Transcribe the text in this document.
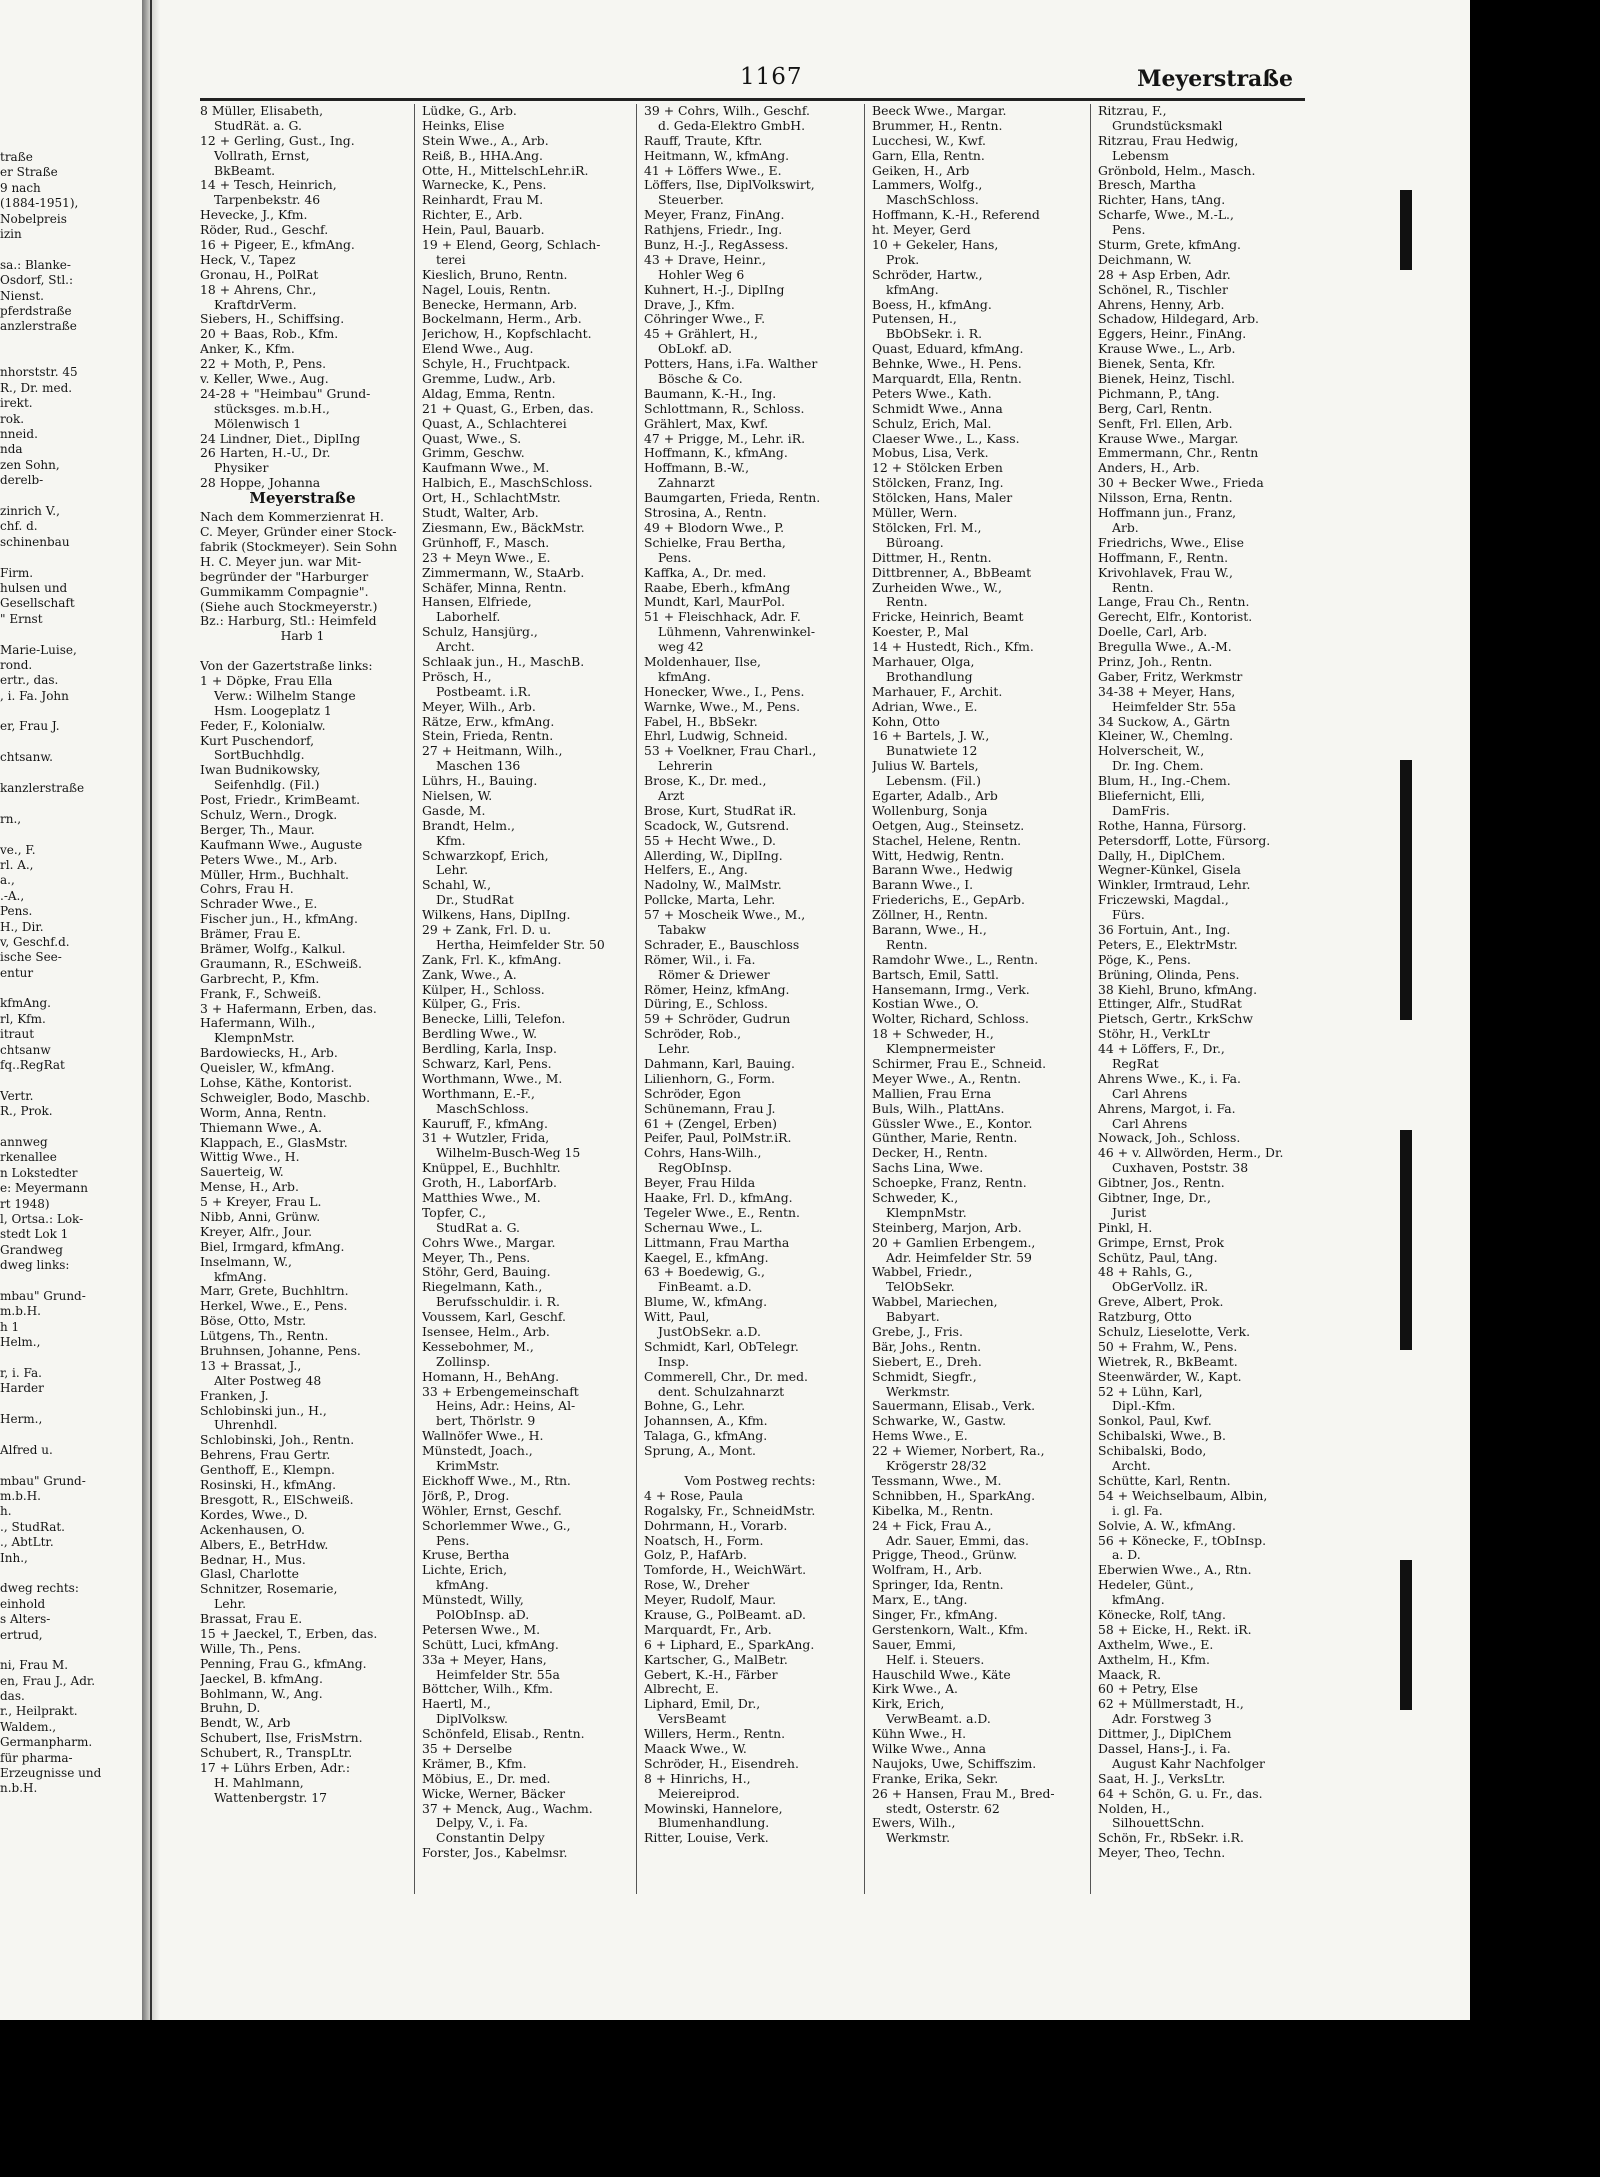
traße
er Straße
9 nach
(1884-1951),
Nobelpreis
izin
sa.: Blanke-
Osdorf, Stl.:
Nienst.
pferdstraße
anzlerstraße
nhorststr. 45
R., Dr. med.
irekt.
rok.
nneid.
nda
zen Sohn,
derelb-
zinrich V.,
chf. d.
schinenbau
Firm.
hulsen und
Gesellschaft
" Ernst
Marie-Luise,
rond.
ertr., das.
, i. Fa. John
er, Frau J.
chtsanw.
kanzlerstraße
rn.,
ve., F.
rl. A.,
a.,
.-A.,
Pens.
H., Dir.
v, Geschf.d.
ische See-
entur
kfmAng.
rl, Kfm.
itraut
chtsanw
fq..RegRat
Vertr.
R., Prok.
annweg
rkenallee
n Lokstedter
e: Meyermann
rt 1948)
l, Ortsa.: Lok-
stedt Lok 1
Grandweg
dweg links:
mbau" Grund-
m.b.H.
h 1
Helm.,
r, i. Fa.
Harder
Herm.,
Alfred u.
mbau" Grund-
m.b.H.
h.
., StudRat.
., AbtLtr.
Inh.,
dweg rechts:
einhold
s Alters-
ertrud,
ni, Frau M.
en, Frau J., Adr.
das.
r., Heilprakt.
Waldem.,
Germanpharm.
für pharma-
Erzeugnisse und
n.b.H.
1167	Meyerstraße
8 Müller, Elisabeth,
StudRät. a. G.
12 + Gerling, Gust., Ing.
Vollrath, Ernst,
BkBeamt.
14 + Tesch, Heinrich,
Tarpenbekstr. 46
Hevecke, J., Kfm.
Röder, Rud., Geschf.
16 + Pigeer, E., kfmAng.
Heck, V., Tapez
Gronau, H., PolRat
18 + Ahrens, Chr.,
KraftdrVerm.
Siebers, H., Schiffsing.
20 + Baas, Rob., Kfm.
Anker, K., Kfm.
22 + Moth, P., Pens.
v. Keller, Wwe., Aug.
24-28 + "Heimbau" Grund-
stücksges. m.b.H.,
Mölenwisch 1
24 Lindner, Diet., DiplIng
26 Harten, H.-U., Dr.
Physiker
28 Hoppe, Johanna
Meyerstraße
Nach dem Kommerzienrat H.
C. Meyer, Gründer einer Stock-
fabrik (Stockmeyer). Sein Sohn
H. C. Meyer jun. war Mit-
begründer der "Harburger
Gummikamm Compagnie".
(Siehe auch Stockmeyerstr.)
Bz.: Harburg, Stl.: Heimfeld
Harb 1
Von der Gazertstraße links:
1 + Döpke, Frau Ella
Verw.: Wilhelm Stange
Hsm. Loogeplatz 1
Feder, F., Kolonialw.
Kurt Puschendorf,
SortBuchhdlg.
Iwan Budnikowsky,
Seifenhdlg. (Fil.)
Post, Friedr., KrimBeamt.
Schulz, Wern., Drogk.
Berger, Th., Maur.
Kaufmann Wwe., Auguste
Peters Wwe., M., Arb.
Müller, Hrm., Buchhalt.
Cohrs, Frau H.
Schrader Wwe., E.
Fischer jun., H., kfmAng.
Brämer, Frau E.
Brämer, Wolfg., Kalkul.
Graumann, R., ESchweiß.
Garbrecht, P., Kfm.
Frank, F., Schweiß.
3 + Hafermann, Erben, das.
Hafermann, Wilh.,
KlempnMstr.
Bardowiecks, H., Arb.
Queisler, W., kfmAng.
Lohse, Käthe, Kontorist.
Schweigler, Bodo, Maschb.
Worm, Anna, Rentn.
Thiemann Wwe., A.
Klappach, E., GlasMstr.
Wittig Wwe., H.
Sauerteig, W.
Mense, H., Arb.
5 + Kreyer, Frau L.
Nibb, Anni, Grünw.
Kreyer, Alfr., Jour.
Biel, Irmgard, kfmAng.
Inselmann, W.,
kfmAng.
Marr, Grete, Buchhltrn.
Herkel, Wwe., E., Pens.
Böse, Otto, Mstr.
Lütgens, Th., Rentn.
Bruhnsen, Johanne, Pens.
13 + Brassat, J.,
Alter Postweg 48
Franken, J.
Schlobinski jun., H.,
Uhrenhdl.
Schlobinski, Joh., Rentn.
Behrens, Frau Gertr.
Genthoff, E., Klempn.
Rosinski, H., kfmAng.
Bresgott, R., ElSchweiß.
Kordes, Wwe., D.
Ackenhausen, O.
Albers, E., BetrHdw.
Bednar, H., Mus.
Glasl, Charlotte
Schnitzer, Rosemarie,
Lehr.
Brassat, Frau E.
15 + Jaeckel, T., Erben, das.
Wille, Th., Pens.
Penning, Frau G., kfmAng.
Jaeckel, B. kfmAng.
Bohlmann, W., Ang.
Bruhn, D.
Bendt, W., Arb
Schubert, Ilse, FrisMstrn.
Schubert, R., TranspLtr.
17 + Lührs Erben, Adr.:
H. Mahlmann,
Wattenbergstr. 17
Lüdke, G., Arb.
Heinks, Elise
Stein Wwe., A., Arb.
Reiß, B., HHA.Ang.
Otte, H., MittelschLehr.iR.
Warnecke, K., Pens.
Reinhardt, Frau M.
Richter, E., Arb.
Hein, Paul, Bauarb.
19 + Elend, Georg, Schlach-
terei
Kieslich, Bruno, Rentn.
Nagel, Louis, Rentn.
Benecke, Hermann, Arb.
Bockelmann, Herm., Arb.
Jerichow, H., Kopfschlacht.
Elend Wwe., Aug.
Schyle, H., Fruchtpack.
Gremme, Ludw., Arb.
Aldag, Emma, Rentn.
21 + Quast, G., Erben, das.
Quast, A., Schlachterei
Quast, Wwe., S.
Grimm, Geschw.
Kaufmann Wwe., M.
Halbich, E., MaschSchloss.
Ort, H., SchlachtMstr.
Studt, Walter, Arb.
Ziesmann, Ew., BäckMstr.
Grünhoff, F., Masch.
23 + Meyn Wwe., E.
Zimmermann, W., StaArb.
Schäfer, Minna, Rentn.
Hansen, Elfriede,
Laborhelf.
Schulz, Hansjürg.,
Archt.
Schlaak jun., H., MaschB.
Prösch, H.,
Postbeamt. i.R.
Meyer, Wilh., Arb.
Rätze, Erw., kfmAng.
Stein, Frieda, Rentn.
27 + Heitmann, Wilh.,
Maschen 136
Lührs, H., Bauing.
Nielsen, W.
Gasde, M.
Brandt, Helm.,
Kfm.
Schwarzkopf, Erich,
Lehr.
Schahl, W.,
Dr., StudRat
Wilkens, Hans, DiplIng.
29 + Zank, Frl. D. u.
Hertha, Heimfelder Str. 50
Zank, Frl. K., kfmAng.
Zank, Wwe., A.
Külper, H., Schloss.
Külper, G., Fris.
Benecke, Lilli, Telefon.
Berdling Wwe., W.
Berdling, Karla, Insp.
Schwarz, Karl, Pens.
Worthmann, Wwe., M.
Worthmann, E.-F.,
MaschSchloss.
Kauruff, F., kfmAng.
31 + Wutzler, Frida,
Wilhelm-Busch-Weg 15
Knüppel, E., Buchhltr.
Groth, H., LaborfArb.
Matthies Wwe., M.
Topfer, C.,
StudRat a. G.
Cohrs Wwe., Margar.
Meyer, Th., Pens.
Stöhr, Gerd, Bauing.
Riegelmann, Kath.,
Berufsschuldir. i. R.
Voussem, Karl, Geschf.
Isensee, Helm., Arb.
Kessebohmer, M.,
Zollinsp.
Homann, H., BehAng.
33 + Erbengemeinschaft
Heins, Adr.: Heins, Al-
bert, Thörlstr. 9
Wallnöfer Wwe., H.
Münstedt, Joach.,
KrimMstr.
Eickhoff Wwe., M., Rtn.
Jörß, P., Drog.
Wöhler, Ernst, Geschf.
Schorlemmer Wwe., G.,
Pens.
Kruse, Bertha
Lichte, Erich,
kfmAng.
Münstedt, Willy,
PolObInsp. aD.
Petersen Wwe., M.
Schütt, Luci, kfmAng.
33a + Meyer, Hans,
Heimfelder Str. 55a
Böttcher, Wilh., Kfm.
Haertl, M.,
DiplVolksw.
Schönfeld, Elisab., Rentn.
35 + Derselbe
Krämer, B., Kfm.
Möbius, E., Dr. med.
Wicke, Werner, Bäcker
37 + Menck, Aug., Wachm.
Delpy, V., i. Fa.
Constantin Delpy
Forster, Jos., Kabelmsr.
39 + Cohrs, Wilh., Geschf.
d. Geda-Elektro GmbH.
Rauff, Traute, Kftr.
Heitmann, W., kfmAng.
41 + Löffers Wwe., E.
Löffers, Ilse, DiplVolkswirt,
Steuerber.
Meyer, Franz, FinAng.
Rathjens, Friedr., Ing.
Bunz, H.-J., RegAssess.
43 + Drave, Heinr.,
Hohler Weg 6
Kuhnert, H.-J., DiplIng
Drave, J., Kfm.
Cöhringer Wwe., F.
45 + Grählert, H.,
ObLokf. aD.
Potters, Hans, i.Fa. Walther
Bösche & Co.
Baumann, K.-H., Ing.
Schlottmann, R., Schloss.
Grählert, Max, Kwf.
47 + Prigge, M., Lehr. iR.
Hoffmann, K., kfmAng.
Hoffmann, B.-W.,
Zahnarzt
Baumgarten, Frieda, Rentn.
Strosina, A., Rentn.
49 + Blodorn Wwe., P.
Schielke, Frau Bertha,
Pens.
Kaffka, A., Dr. med.
Raabe, Eberh., kfmAng
Mundt, Karl, MaurPol.
51 + Fleischhack, Adr. F.
Lühmenn, Vahrenwinkel-
weg 42
Moldenhauer, Ilse,
kfmAng.
Honecker, Wwe., I., Pens.
Warnke, Wwe., M., Pens.
Fabel, H., BbSekr.
Ehrl, Ludwig, Schneid.
53 + Voelkner, Frau Charl.,
Lehrerin
Brose, K., Dr. med.,
Arzt
Brose, Kurt, StudRat iR.
Scadock, W., Gutsrend.
55 + Hecht Wwe., D.
Allerding, W., DiplIng.
Helfers, E., Ang.
Nadolny, W., MalMstr.
Pollcke, Marta, Lehr.
57 + Moscheik Wwe., M.,
Tabakw
Schrader, E., Bauschloss
Römer, Wil., i. Fa.
Römer & Driewer
Römer, Heinz, kfmAng.
Düring, E., Schloss.
59 + Schröder, Gudrun
Schröder, Rob.,
Lehr.
Dahmann, Karl, Bauing.
Lilienhorn, G., Form.
Schröder, Egon
Schünemann, Frau J.
61 + (Zengel, Erben)
Peifer, Paul, PolMstr.iR.
Cohrs, Hans-Wilh.,
RegObInsp.
Beyer, Frau Hilda
Haake, Frl. D., kfmAng.
Tegeler Wwe., E., Rentn.
Schernau Wwe., L.
Littmann, Frau Martha
Kaegel, E., kfmAng.
63 + Boedewig, G.,
FinBeamt. a.D.
Blume, W., kfmAng.
Witt, Paul,
JustObSekr. a.D.
Schmidt, Karl, ObTelegr.
Insp.
Commerell, Chr., Dr. med.
dent. Schulzahnarzt
Bohne, G., Lehr.
Johannsen, A., Kfm.
Talaga, G., kfmAng.
Sprung, A., Mont.
Vom Postweg rechts:
4 + Rose, Paula
Rogalsky, Fr., SchneidMstr.
Dohrmann, H., Vorarb.
Noatsch, H., Form.
Golz, P., HafArb.
Tomforde, H., WeichWärt.
Rose, W., Dreher
Meyer, Rudolf, Maur.
Krause, G., PolBeamt. aD.
Marquardt, Fr., Arb.
6 + Liphard, E., SparkAng.
Kartscher, G., MalBetr.
Gebert, K.-H., Färber
Albrecht, E.
Liphard, Emil, Dr.,
VersBeamt
Willers, Herm., Rentn.
Maack Wwe., W.
Schröder, H., Eisendreh.
8 + Hinrichs, H.,
Meiereiprod.
Mowinski, Hannelore,
Blumenhandlung.
Ritter, Louise, Verk.
Beeck Wwe., Margar.
Brummer, H., Rentn.
Lucchesi, W., Kwf.
Garn, Ella, Rentn.
Geiken, H., Arb
Lammers, Wolfg.,
MaschSchloss.
Hoffmann, K.-H., Referend
ht. Meyer, Gerd
10 + Gekeler, Hans,
Prok.
Schröder, Hartw.,
kfmAng.
Boess, H., kfmAng.
Putensen, H.,
BbObSekr. i. R.
Quast, Eduard, kfmAng.
Behnke, Wwe., H. Pens.
Marquardt, Ella, Rentn.
Peters Wwe., Kath.
Schmidt Wwe., Anna
Schulz, Erich, Mal.
Claeser Wwe., L., Kass.
Mobus, Lisa, Verk.
12 + Stölcken Erben
Stölcken, Franz, Ing.
Stölcken, Hans, Maler
Müller, Wern.
Stölcken, Frl. M.,
Büroang.
Dittmer, H., Rentn.
Dittbrenner, A., BbBeamt
Zurheiden Wwe., W.,
Rentn.
Fricke, Heinrich, Beamt
Koester, P., Mal
14 + Hustedt, Rich., Kfm.
Marhauer, Olga,
Brothandlung
Marhauer, F., Archit.
Adrian, Wwe., E.
Kohn, Otto
16 + Bartels, J. W.,
Bunatwiete 12
Julius W. Bartels,
Lebensm. (Fil.)
Egarter, Adalb., Arb
Wollenburg, Sonja
Oetgen, Aug., Steinsetz.
Stachel, Helene, Rentn.
Witt, Hedwig, Rentn.
Barann Wwe., Hedwig
Barann Wwe., I.
Friederichs, E., GepArb.
Zöllner, H., Rentn.
Barann, Wwe., H.,
Rentn.
Ramdohr Wwe., L., Rentn.
Bartsch, Emil, Sattl.
Hansemann, Irmg., Verk.
Kostian Wwe., O.
Wolter, Richard, Schloss.
18 + Schweder, H.,
Klempnermeister
Schirmer, Frau E., Schneid.
Meyer Wwe., A., Rentn.
Mallien, Frau Erna
Buls, Wilh., PlattAns.
Güssler Wwe., E., Kontor.
Günther, Marie, Rentn.
Decker, H., Rentn.
Sachs Lina, Wwe.
Schoepke, Franz, Rentn.
Schweder, K.,
KlempnMstr.
Steinberg, Marjon, Arb.
20 + Gamlien Erbengem.,
Adr. Heimfelder Str. 59
Wabbel, Friedr.,
TelObSekr.
Wabbel, Mariechen,
Babyart.
Grebe, J., Fris.
Bär, Johs., Rentn.
Siebert, E., Dreh.
Schmidt, Siegfr.,
Werkmstr.
Sauermann, Elisab., Verk.
Schwarke, W., Gastw.
Hems Wwe., E.
22 + Wiemer, Norbert, Ra.,
Krögerstr 28/32
Tessmann, Wwe., M.
Schnibben, H., SparkAng.
Kibelka, M., Rentn.
24 + Fick, Frau A.,
Adr. Sauer, Emmi, das.
Prigge, Theod., Grünw.
Wolfram, H., Arb.
Springer, Ida, Rentn.
Marx, E., tAng.
Singer, Fr., kfmAng.
Gerstenkorn, Walt., Kfm.
Sauer, Emmi,
Helf. i. Steuers.
Hauschild Wwe., Käte
Kirk Wwe., A.
Kirk, Erich,
VerwBeamt. a.D.
Kühn Wwe., H.
Wilke Wwe., Anna
Naujoks, Uwe, Schiffszim.
Franke, Erika, Sekr.
26 + Hansen, Frau M., Bred-
stedt, Osterstr. 62
Ewers, Wilh.,
Werkmstr.
Ritzrau, F.,
Grundstücksmakl
Ritzrau, Frau Hedwig,
Lebensm
Grönbold, Helm., Masch.
Bresch, Martha
Richter, Hans, tAng.
Scharfe, Wwe., M.-L.,
Pens.
Sturm, Grete, kfmAng.
Deichmann, W.
28 + Asp Erben, Adr.
Schönel, R., Tischler
Ahrens, Henny, Arb.
Schadow, Hildegard, Arb.
Eggers, Heinr., FinAng.
Krause Wwe., L., Arb.
Bienek, Senta, Kfr.
Bienek, Heinz, Tischl.
Pichmann, P., tAng.
Berg, Carl, Rentn.
Senft, Frl. Ellen, Arb.
Krause Wwe., Margar.
Emmermann, Chr., Rentn
Anders, H., Arb.
30 + Becker Wwe., Frieda
Nilsson, Erna, Rentn.
Hoffmann jun., Franz,
Arb.
Friedrichs, Wwe., Elise
Hoffmann, F., Rentn.
Krivohlavek, Frau W.,
Rentn.
Lange, Frau Ch., Rentn.
Gerecht, Elfr., Kontorist.
Doelle, Carl, Arb.
Bregulla Wwe., A.-M.
Prinz, Joh., Rentn.
Gaber, Fritz, Werkmstr
34-38 + Meyer, Hans,
Heimfelder Str. 55a
34 Suckow, A., Gärtn
Kleiner, W., Chemlng.
Holverscheit, W.,
Dr. Ing. Chem.
Blum, H., Ing.-Chem.
Bliefernicht, Elli,
DamFris.
Rothe, Hanna, Fürsorg.
Petersdorff, Lotte, Fürsorg.
Dally, H., DiplChem.
Wegner-Künkel, Gisela
Winkler, Irmtraud, Lehr.
Friczewski, Magdal.,
Fürs.
36 Fortuin, Ant., Ing.
Peters, E., ElektrMstr.
Pöge, K., Pens.
Brüning, Olinda, Pens.
38 Kiehl, Bruno, kfmAng.
Ettinger, Alfr., StudRat
Pietsch, Gertr., KrkSchw
Stöhr, H., VerkLtr
44 + Löffers, F., Dr.,
RegRat
Ahrens Wwe., K., i. Fa.
Carl Ahrens
Ahrens, Margot, i. Fa.
Carl Ahrens
Nowack, Joh., Schloss.
46 + v. Allwörden, Herm., Dr.
Cuxhaven, Poststr. 38
Gibtner, Jos., Rentn.
Gibtner, Inge, Dr.,
Jurist
Pinkl, H.
Grimpe, Ernst, Prok
Schütz, Paul, tAng.
48 + Rahls, G.,
ObGerVollz. iR.
Greve, Albert, Prok.
Ratzburg, Otto
Schulz, Lieselotte, Verk.
50 + Frahm, W., Pens.
Wietrek, R., BkBeamt.
Steenwärder, W., Kapt.
52 + Lühn, Karl,
Dipl.-Kfm.
Sonkol, Paul, Kwf.
Schibalski, Wwe., B.
Schibalski, Bodo,
Archt.
Schütte, Karl, Rentn.
54 + Weichselbaum, Albin,
i. gl. Fa.
Solvie, A. W., kfmAng.
56 + Könecke, F., tObInsp.
a. D.
Eberwien Wwe., A., Rtn.
Hedeler, Günt.,
kfmAng.
Könecke, Rolf, tAng.
58 + Eicke, H., Rekt. iR.
Axthelm, Wwe., E.
Axthelm, H., Kfm.
Maack, R.
60 + Petry, Else
62 + Müllmerstadt, H.,
Adr. Forstweg 3
Dittmer, J., DiplChem
Dassel, Hans-J., i. Fa.
August Kahr Nachfolger
Saat, H. J., VerksLtr.
64 + Schön, G. u. Fr., das.
Nolden, H.,
SilhouettSchn.
Schön, Fr., RbSekr. i.R.
Meyer, Theo, Techn.
